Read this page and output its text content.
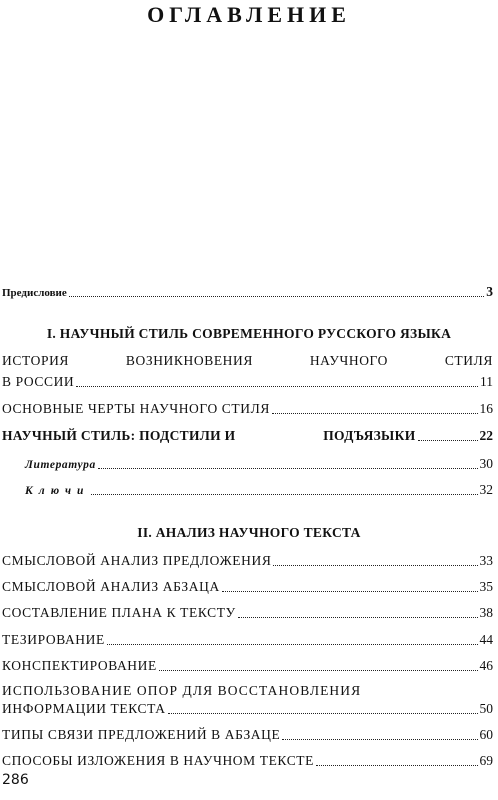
ОГЛАВЛЕНИЕ
Предисловие	3
I. НАУЧНЫЙ СТИЛЬ СОВРЕМЕННОГО РУССКОГО ЯЗЫКА
ИСТОРИЯ	ВОЗНИКНОВЕНИЯ	НАУЧНОГО	СТИЛЯ
В РОССИИ	11
ОСНОВНЫЕ ЧЕРТЫ НАУЧНОГО СТИЛЯ	16
НАУЧНЫЙ СТИЛЬ: ПОДСТИЛИ И	ПОДЪЯЗЫКИ	22
Литература	30
Ключи	32
II. АНАЛИЗ НАУЧНОГО ТЕКСТА
СМЫСЛОВОЙ АНАЛИЗ ПРЕДЛОЖЕНИЯ	33
СМЫСЛОВОЙ АНАЛИЗ АБЗАЦА	35
СОСТАВЛЕНИЕ ПЛАНА К ТЕКСТУ	38
ТЕЗИРОВАНИЕ	44
КОНСПЕКТИРОВАНИЕ	46
ИСПОЛЬЗОВАНИЕ ОПОР ДЛЯ ВОССТАНОВЛЕНИЯ
ИНФОРМАЦИИ ТЕКСТА	50
ТИПЫ СВЯЗИ ПРЕДЛОЖЕНИЙ В АБЗАЦЕ	60
СПОСОБЫ ИЗЛОЖЕНИЯ В НАУЧНОМ ТЕКСТЕ	69
286
